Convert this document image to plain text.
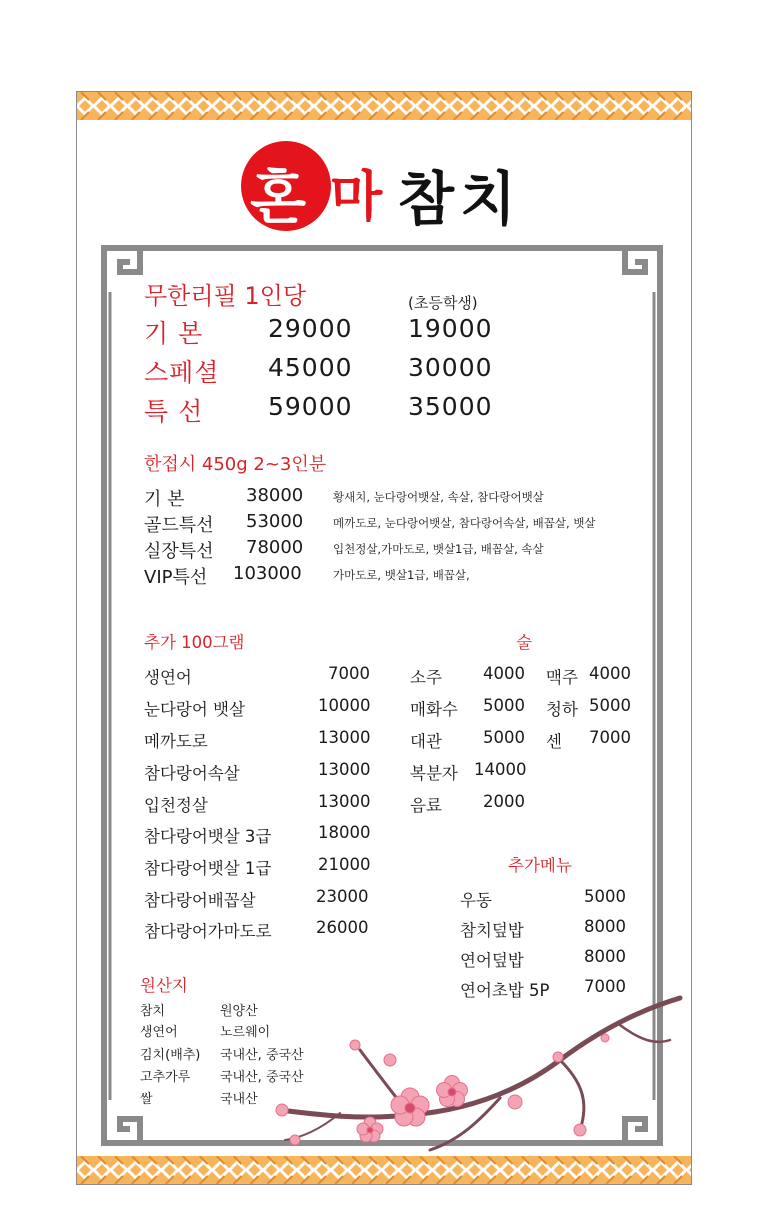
혼 마 참치
무한리필 1인당	(초등학생)
기 본	29000 19000
스페셜 45000 30000
특 선	59000 35000
한접시 450g 2~3인분
기 본	38000	황새치, 눈다랑어뱃살, 속살, 참다랑어뱃살
골드특선 53000	메까도로, 눈다랑어뱃살, 참다랑어속살, 배꼽살, 뱃살
실장특선 78000	입천정살,가마도로, 뱃살1급, 배꼽살, 속살
VIP특선 103000	가마도로, 뱃살1급, 배꼽살,
추가 100그램
생연어	7000
눈다랑어 뱃살	10000
메까도로	13000
참다랑어속살	13000
입천정살	13000
참다랑어뱃살 3급	18000
참다랑어뱃살 1급	21000
참다랑어배꼽살	23000
참다랑어가마도로	26000
술
소주 4000 맥주 4000
매화수 5000 청하 5000
대관 5000 센 7000
복분자 14000
음료 2000
추가메뉴
우동	5000
참치덮밥	8000
연어덮밥	8000
연어초밥 5P 7000
원산지
참치	원양산
생연어	노르웨이
김치(배추) 국내산, 중국산
고추가루 국내산, 중국산
쌀	국내산
